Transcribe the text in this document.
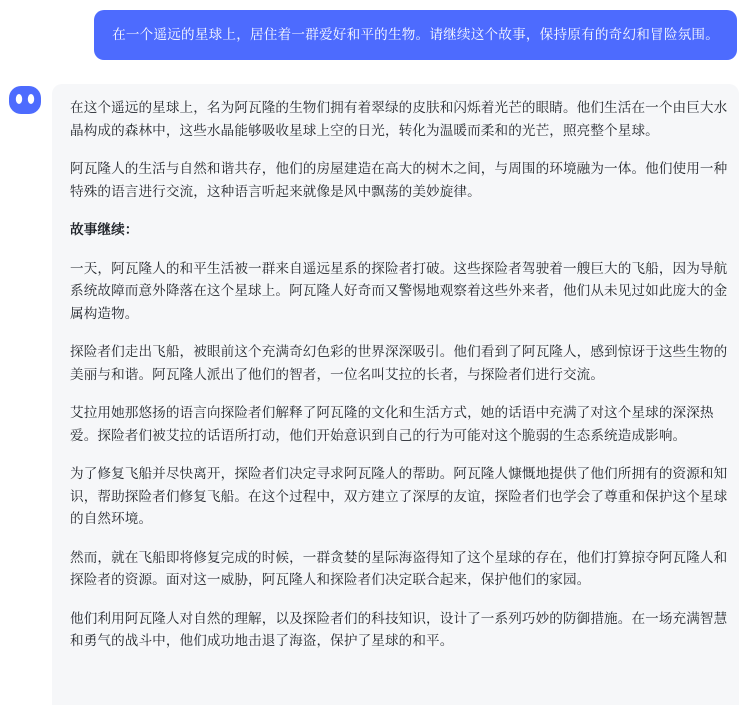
在一个遥远的星球上，居住着一群爱好和平的生物。请继续这个故事，保持原有的奇幻和冒险氛围。

在这个遥远的星球上，名为阿瓦隆的生物们拥有着翠绿的皮肤和闪烁着光芒的眼睛。他们生活在一个由巨大水晶构成的森林中，这些水晶能够吸收星球上空的日光，转化为温暖而柔和的光芒，照亮整个星球。

阿瓦隆人的生活与自然和谐共存，他们的房屋建造在高大的树木之间，与周围的环境融为一体。他们使用一种特殊的语言进行交流，这种语言听起来就像是风中飘荡的美妙旋律。

故事继续：

一天，阿瓦隆人的和平生活被一群来自遥远星系的探险者打破。这些探险者驾驶着一艘巨大的飞船，因为导航系统故障而意外降落在这个星球上。阿瓦隆人好奇而又警惕地观察着这些外来者，他们从未见过如此庞大的金属构造物。

探险者们走出飞船，被眼前这个充满奇幻色彩的世界深深吸引。他们看到了阿瓦隆人，感到惊讶于这些生物的美丽与和谐。阿瓦隆人派出了他们的智者，一位名叫艾拉的长者，与探险者们进行交流。

艾拉用她那悠扬的语言向探险者们解释了阿瓦隆的文化和生活方式，她的话语中充满了对这个星球的深深热爱。探险者们被艾拉的话语所打动，他们开始意识到自己的行为可能对这个脆弱的生态系统造成影响。

为了修复飞船并尽快离开，探险者们决定寻求阿瓦隆人的帮助。阿瓦隆人慷慨地提供了他们所拥有的资源和知识，帮助探险者们修复飞船。在这个过程中，双方建立了深厚的友谊，探险者们也学会了尊重和保护这个星球的自然环境。

然而，就在飞船即将修复完成的时候，一群贪婪的星际海盗得知了这个星球的存在，他们打算掠夺阿瓦隆人和探险者的资源。面对这一威胁，阿瓦隆人和探险者们决定联合起来，保护他们的家园。

他们利用阿瓦隆人对自然的理解，以及探险者们的科技知识，设计了一系列巧妙的防御措施。在一场充满智慧和勇气的战斗中，他们成功地击退了海盗，保护了星球的和平。
